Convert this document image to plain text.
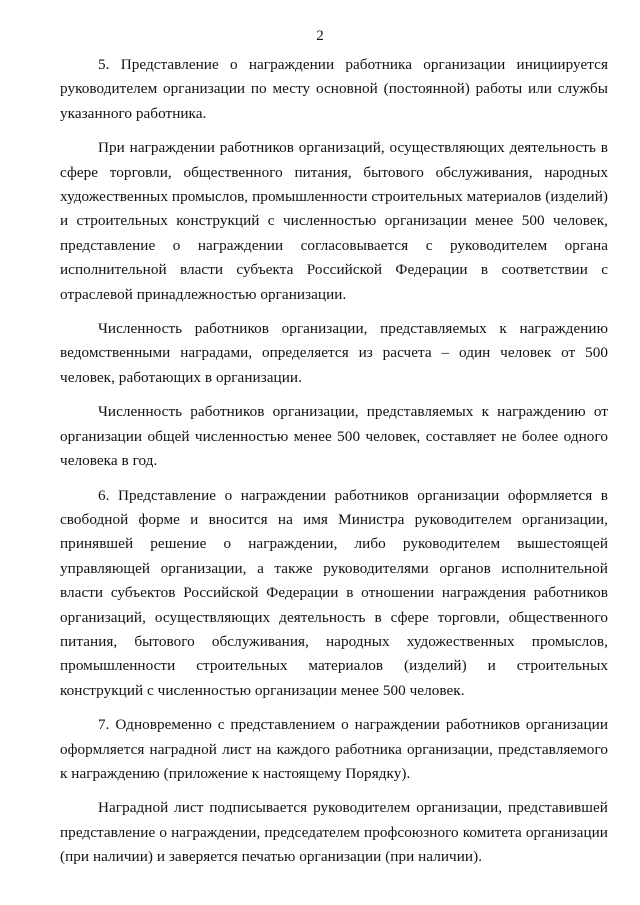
2

5. Представление о награждении работника организации инициируется руководителем организации по месту основной (постоянной) работы или службы указанного работника.

При награждении работников организаций, осуществляющих деятельность в сфере торговли, общественного питания, бытового обслуживания, народных художественных промыслов, промышленности строительных материалов (изделий) и строительных конструкций с численностью организации менее 500 человек, представление о награждении согласовывается с руководителем органа исполнительной власти субъекта Российской Федерации в соответствии с отраслевой принадлежностью организации.

Численность работников организации, представляемых к награждению ведомственными наградами, определяется из расчета – один человек от 500 человек, работающих в организации.

Численность работников организации, представляемых к награждению от организации общей численностью менее 500 человек, составляет не более одного человека в год.

6. Представление о награждении работников организации оформляется в свободной форме и вносится на имя Министра руководителем организации, принявшей решение о награждении, либо руководителем вышестоящей управляющей организации, а также руководителями органов исполнительной власти субъектов Российской Федерации в отношении награждения работников организаций, осуществляющих деятельность в сфере торговли, общественного питания, бытового обслуживания, народных художественных промыслов, промышленности строительных материалов (изделий) и строительных конструкций с численностью организации менее 500 человек.

7. Одновременно с представлением о награждении работников организации оформляется наградной лист на каждого работника организации, представляемого к награждению (приложение к настоящему Порядку).

Наградной лист подписывается руководителем организации, представившей представление о награждении, председателем профсоюзного комитета организации (при наличии) и заверяется печатью организации (при наличии).
